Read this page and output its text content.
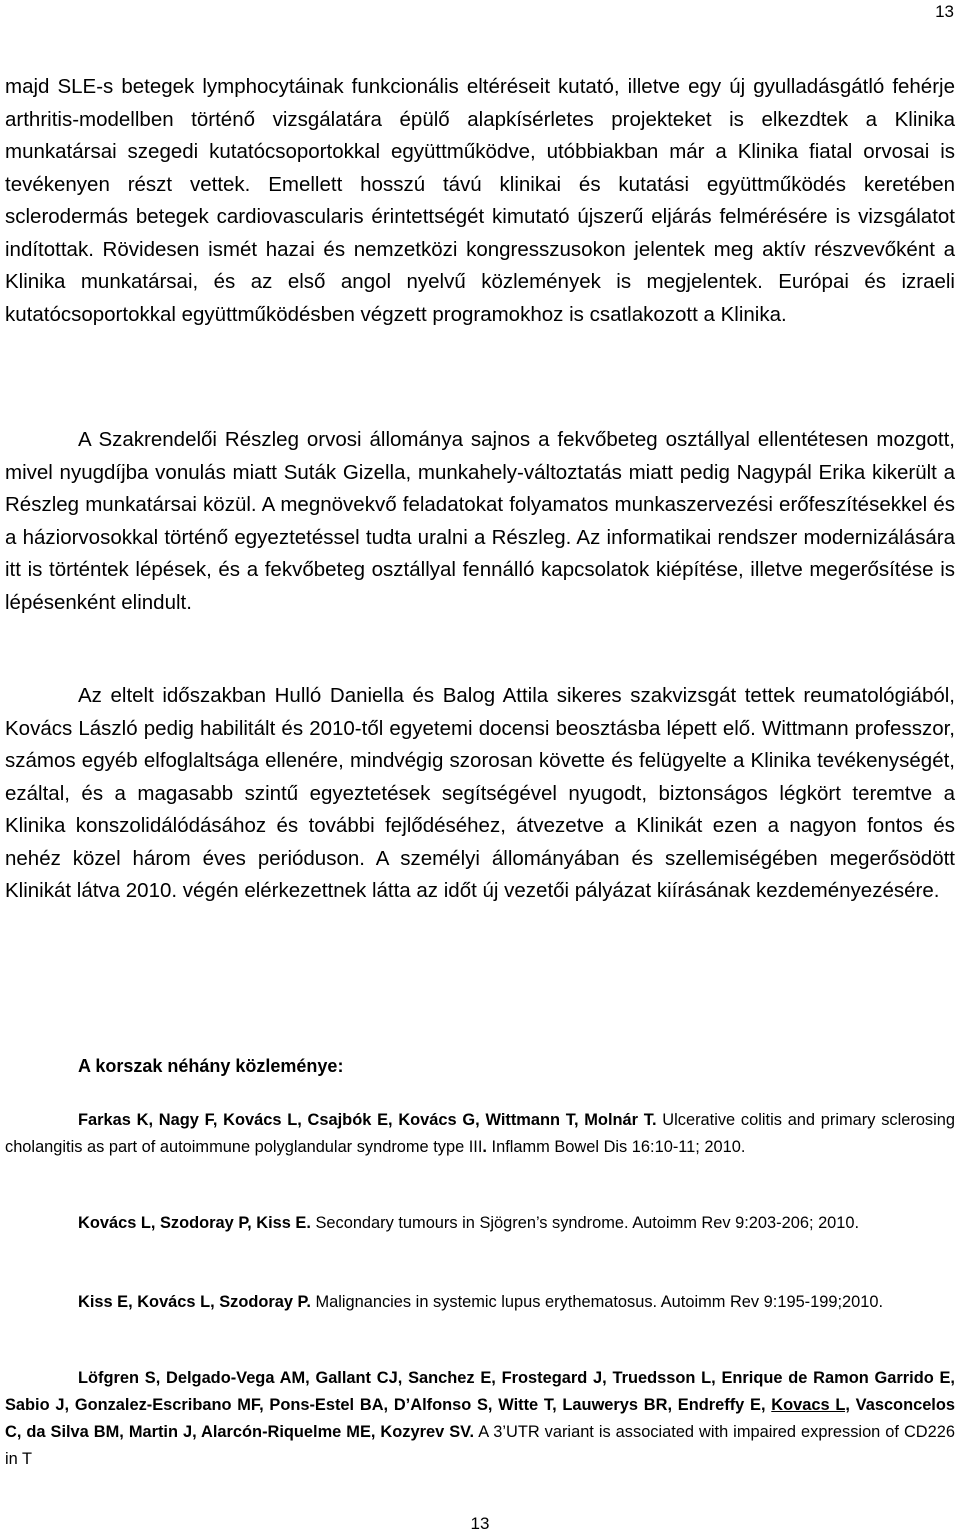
13

majd SLE-s betegek lymphocytáinak funkcionális eltéréseit kutató, illetve egy új gyulladásgátló fehérje arthritis-modellben történő vizsgálatára épülő alapkísérletes projekteket is elkezdtek a Klinika munkatársai szegedi kutatócsoportokkal együttműködve, utóbbiakban már a Klinika fiatal orvosai is tevékenyen részt vettek. Emellett hosszú távú klinikai és kutatási együttműködés keretében sclerodermás betegek cardiovascularis érintettségét kimutató újszerű eljárás felmérésére is vizsgálatot indítottak. Rövidesen ismét hazai és nemzetközi kongresszusokon jelentek meg aktív részvevőként a Klinika munkatársai, és az első angol nyelvű közlemények is megjelentek. Európai és izraeli kutatócsoportokkal együttműködésben végzett programokhoz is csatlakozott a Klinika.

A Szakrendelői Részleg orvosi állománya sajnos a fekvőbeteg osztállyal ellentétesen mozgott, mivel nyugdíjba vonulás miatt Suták Gizella, munkahely-változtatás miatt pedig Nagypál Erika kikerült a Részleg munkatársai közül. A megnövekvő feladatokat folyamatos munkaszervezési erőfeszítésekkel és a háziorvosokkal történő egyeztetéssel tudta uralni a Részleg. Az informatikai rendszer modernizálására itt is történtek lépések, és a fekvőbeteg osztállyal fennálló kapcsolatok kiépítése, illetve megerősítése is lépésenként elindult.

Az eltelt időszakban Hulló Daniella és Balog Attila sikeres szakvizsgát tettek reumatológiából, Kovács László pedig habilitált és 2010-től egyetemi docensi beosztásba lépett elő. Wittmann professzor, számos egyéb elfoglaltsága ellenére, mindvégig szorosan követte és felügyelte a Klinika tevékenységét, ezáltal, és a magasabb szintű egyeztetések segítségével nyugodt, biztonságos légkört teremtve a Klinika konszolidálódásához és további fejlődéséhez, átvezetve a Klinikát ezen a nagyon fontos és nehéz közel három éves perióduson. A személyi állományában és szellemiségében megerősödött Klinikát látva 2010. végén elérkezettnek látta az időt új vezetői pályázat kiírásának kezdeményezésére.

A korszak néhány közleménye:

Farkas K, Nagy F, Kovács L, Csajbók E, Kovács G, Wittmann T, Molnár T. Ulcerative colitis and primary sclerosing cholangitis as part of autoimmune polyglandular syndrome type III. Inflamm Bowel Dis 16:10-11; 2010.

Kovács L, Szodoray P, Kiss E. Secondary tumours in Sjögren’s syndrome. Autoimm Rev 9:203-206; 2010.

Kiss E, Kovács L, Szodoray P. Malignancies in systemic lupus erythematosus. Autoimm Rev 9:195-199;2010.

Löfgren S, Delgado-Vega AM, Gallant CJ, Sanchez E, Frostegard J, Truedsson L, Enrique de Ramon Garrido E, Sabio J, Gonzalez-Escribano MF, Pons-Estel BA, D’Alfonso S, Witte T, Lauwerys BR, Endreffy E, Kovacs L, Vasconcelos C, da Silva BM, Martin J, Alarcón-Riquelme ME, Kozyrev SV. A 3’UTR variant is associated with impaired expression of CD226 in T

13
